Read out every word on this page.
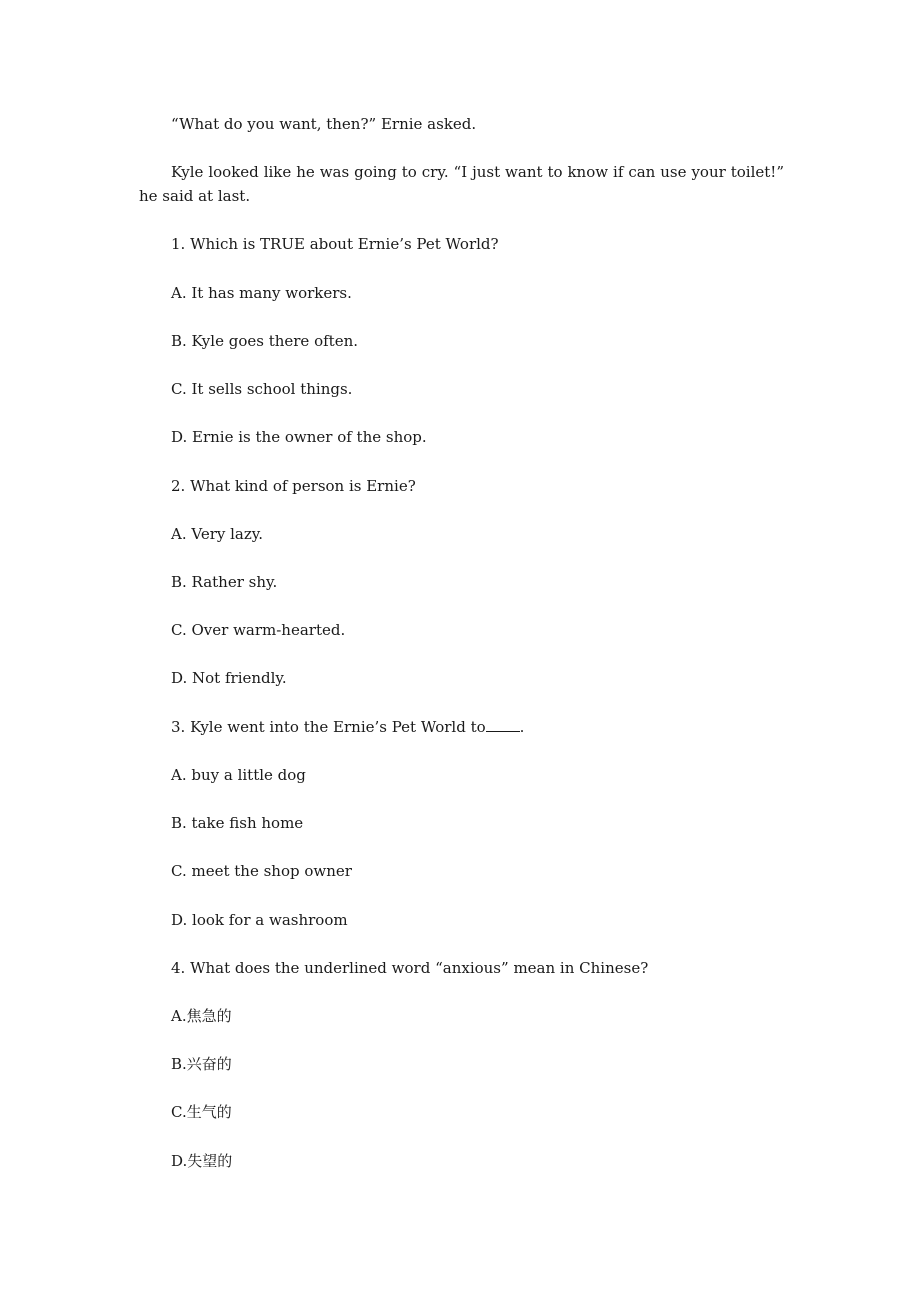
“What do you want, then?” Ernie asked.
Kyle looked like he was going to cry. “I just want to know if can use your toilet!” he said at last.
1. Which is TRUE about Ernie’s Pet World?
A. It has many workers.
B. Kyle goes there often.
C. It sells school things.
D. Ernie is the owner of the shop.
2. What kind of person is Ernie?
A. Very lazy.
B. Rather shy.
C. Over warm-hearted.
D. Not friendly.
3. Kyle went into the Ernie’s Pet World to .
A. buy a little dog
B. take fish home
C. meet the shop owner
D. look for a washroom
4. What does the underlined word “anxious” mean in Chinese?
A.焦急的
B.兴奋的
C.生气的
D.失望的
